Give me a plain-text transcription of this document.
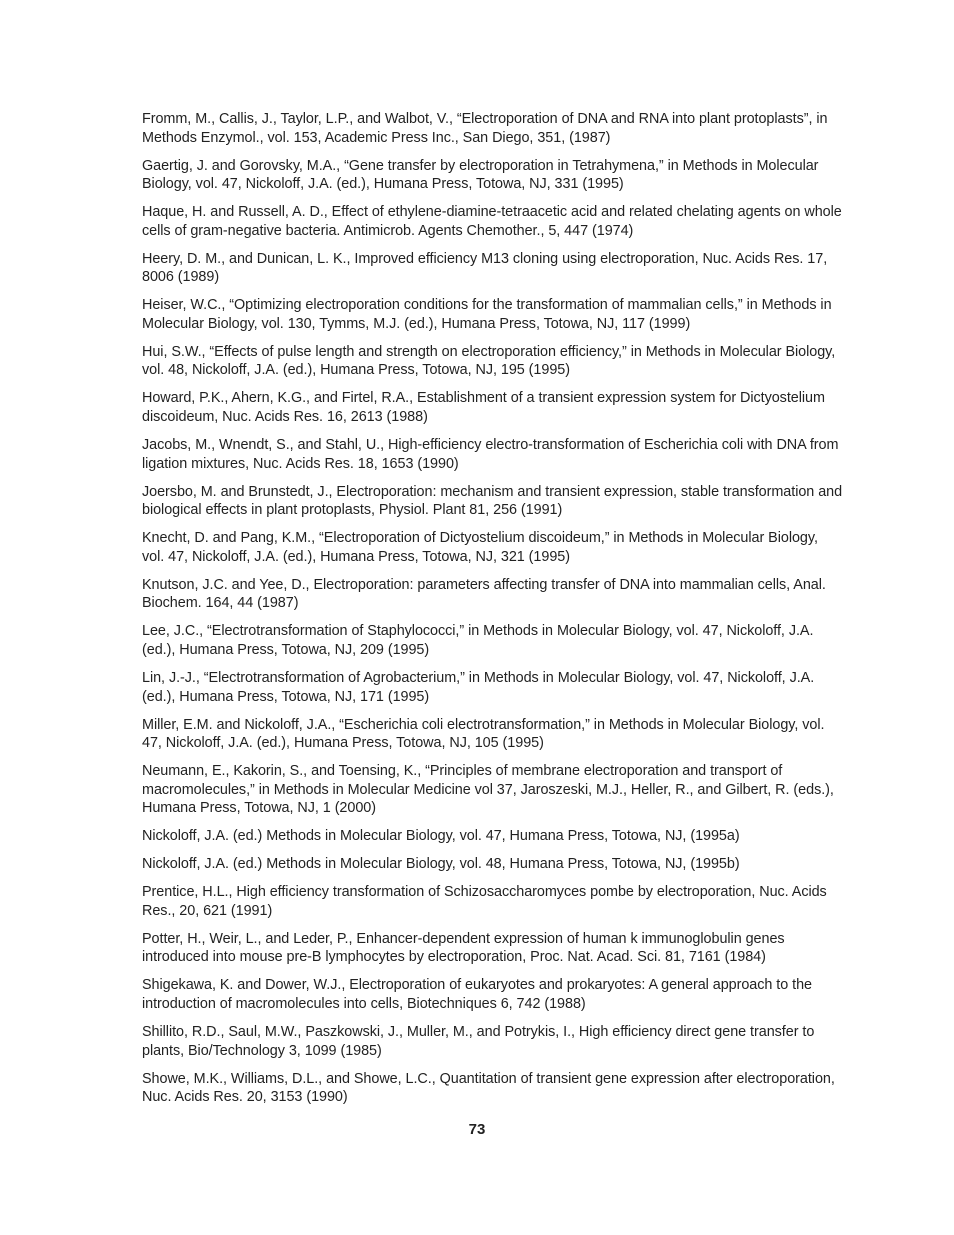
Fromm, M., Callis, J., Taylor, L.P., and Walbot, V., “Electroporation of DNA and RNA into plant protoplasts”, in Methods Enzymol., vol. 153, Academic Press Inc., San Diego, 351, (1987)
Gaertig, J. and Gorovsky, M.A., “Gene transfer by electroporation in Tetrahymena,” in Methods in Molecular Biology, vol. 47, Nickoloff, J.A. (ed.), Humana Press, Totowa, NJ, 331 (1995)
Haque, H. and Russell, A. D., Effect of ethylene-diamine-tetraacetic acid and related chelating agents on whole cells of gram-negative bacteria. Antimicrob. Agents Chemother., 5, 447 (1974)
Heery, D. M., and Dunican, L. K., Improved efficiency M13 cloning using electroporation, Nuc. Acids Res. 17, 8006 (1989)
Heiser, W.C., “Optimizing electroporation conditions for the transformation of mammalian cells,” in Methods in Molecular Biology, vol. 130, Tymms, M.J. (ed.), Humana Press, Totowa, NJ, 117 (1999)
Hui, S.W., “Effects of pulse length and strength on electroporation efficiency,” in Methods in Molecular Biology, vol. 48, Nickoloff, J.A. (ed.), Humana Press, Totowa, NJ, 195 (1995)
Howard, P.K., Ahern, K.G., and Firtel, R.A., Establishment of a transient expression system for Dictyostelium discoideum, Nuc. Acids Res. 16, 2613 (1988)
Jacobs, M., Wnendt, S., and Stahl, U., High-efficiency electro-transformation of Escherichia coli with DNA from ligation mixtures, Nuc. Acids Res. 18, 1653 (1990)
Joersbo, M. and Brunstedt, J., Electroporation: mechanism and transient expression, stable transformation and biological effects in plant protoplasts, Physiol. Plant 81, 256 (1991)
Knecht, D. and Pang, K.M., “Electroporation of Dictyostelium discoideum,” in Methods in Molecular Biology, vol. 47, Nickoloff, J.A. (ed.), Humana Press, Totowa, NJ, 321 (1995)
Knutson, J.C. and Yee, D., Electroporation: parameters affecting transfer of DNA into mammalian cells, Anal. Biochem. 164, 44 (1987)
Lee, J.C., “Electrotransformation of Staphylococci,” in Methods in Molecular Biology, vol. 47, Nickoloff, J.A. (ed.), Humana Press, Totowa, NJ, 209 (1995)
Lin, J.-J., “Electrotransformation of Agrobacterium,” in Methods in Molecular Biology, vol. 47, Nickoloff, J.A. (ed.), Humana Press, Totowa, NJ, 171 (1995)
Miller, E.M. and Nickoloff, J.A., “Escherichia coli electrotransformation,” in Methods in Molecular Biology, vol. 47, Nickoloff, J.A. (ed.), Humana Press, Totowa, NJ, 105 (1995)
Neumann, E., Kakorin, S., and Toensing, K., “Principles of membrane electroporation and transport of macromolecules,” in Methods in Molecular Medicine vol 37, Jaroszeski, M.J., Heller, R., and Gilbert, R. (eds.), Humana Press, Totowa, NJ, 1 (2000)
Nickoloff, J.A. (ed.) Methods in Molecular Biology, vol. 47, Humana Press, Totowa, NJ, (1995a)
Nickoloff, J.A. (ed.) Methods in Molecular Biology, vol. 48, Humana Press, Totowa, NJ, (1995b)
Prentice, H.L., High efficiency transformation of Schizosaccharomyces pombe by electroporation, Nuc. Acids Res., 20, 621 (1991)
Potter, H., Weir, L., and Leder, P., Enhancer-dependent expression of human k immunoglobulin genes introduced into mouse pre-B lymphocytes by electroporation, Proc. Nat. Acad. Sci. 81, 7161 (1984)
Shigekawa, K. and Dower, W.J., Electroporation of eukaryotes and prokaryotes: A general approach to the introduction of macromolecules into cells, Biotechniques 6, 742 (1988)
Shillito, R.D., Saul, M.W., Paszkowski, J., Muller, M., and Potrykis, I., High efficiency direct gene transfer to plants, Bio/Technology 3, 1099 (1985)
Showe, M.K., Williams, D.L., and Showe, L.C., Quantitation of transient gene expression after electroporation, Nuc. Acids Res. 20, 3153 (1990)
73
